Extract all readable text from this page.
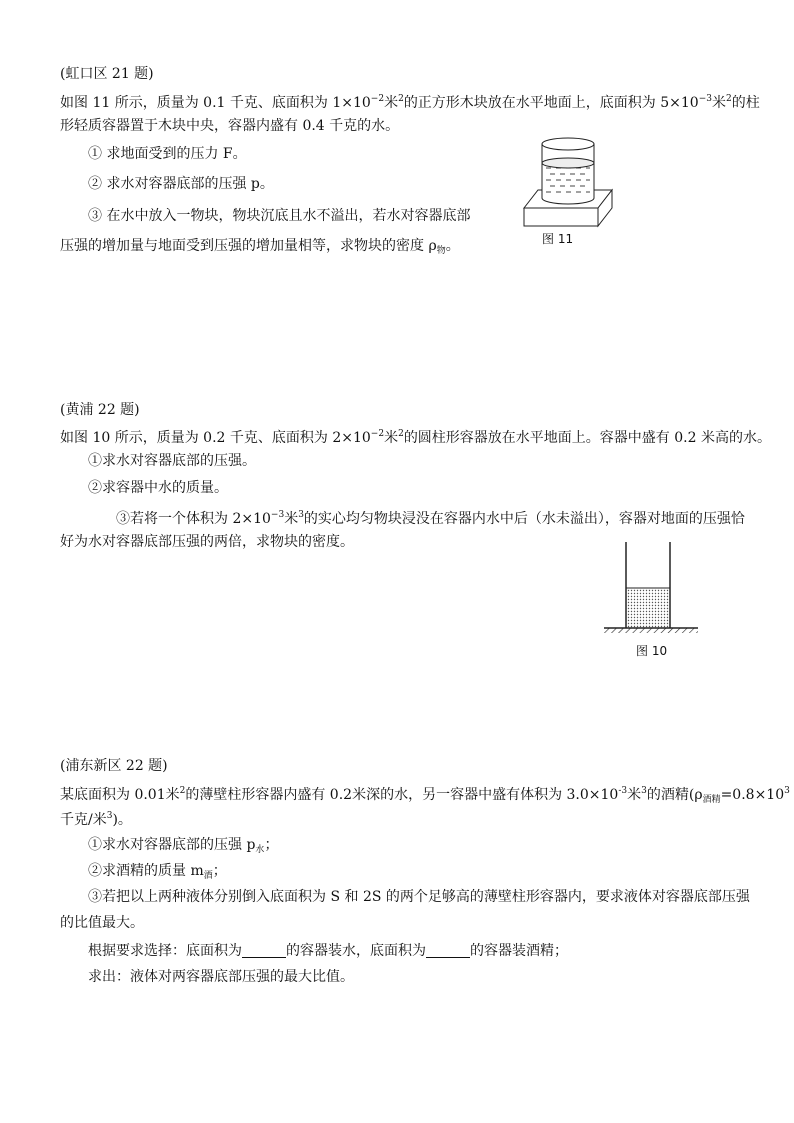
(虹口区 21 题)
如图 11 所示，质量为 0.1 千克、底面积为 $1\times 10^{-2}$米$^2$的正方形木块放在水平地面上，底面积为 $5\times 10^{-3}$米$^2$的柱
形轻质容器置于木块中央，容器内盛有 0.4 千克的水。
① 求地面受到的压力 F。
② 求水对容器底部的压强 p。
③ 在水中放入一物块，物块沉底且水不溢出，若水对容器底部
压强的增加量与地面受到压强的增加量相等，求物块的密度 $\rho_物$。	图 11
(黄浦 22 题)
如图 10 所示，质量为 0.2 千克、底面积为 $2\times 10^{-2}$米$^2$的圆柱形容器放在水平地面上。容器中盛有 0.2 米高的水。
①求水对容器底部的压强。
②求容器中水的质量。
③若将一个体积为 $2\times 10^{-3}$米$^3$的实心均匀物块浸没在容器内水中后（水未溢出），容器对地面的压强恰
好为水对容器底部压强的两倍，求物块的密度。
图 10
(浦东新区 22 题)
某底面积为 0.01米$^2$的薄壁柱形容器内盛有 0.2米深的水，另一容器中盛有体积为 $3.0\times 10^{-3}$米$^3$的酒精($\rho_{酒精}=0.8\times 10^3$
千克/米$^3$)。
①求水对容器底部的压强 $p_水$；
②求酒精的质量 $m_酒$；
③若把以上两种液体分别倒入底面积为 S 和 2S 的两个足够高的薄壁柱形容器内，要求液体对容器底部压强
的比值最大。
根据要求选择：底面积为	的容器装水，底面积为	的容器装酒精；
求出：液体对两容器底部压强的最大比值。
